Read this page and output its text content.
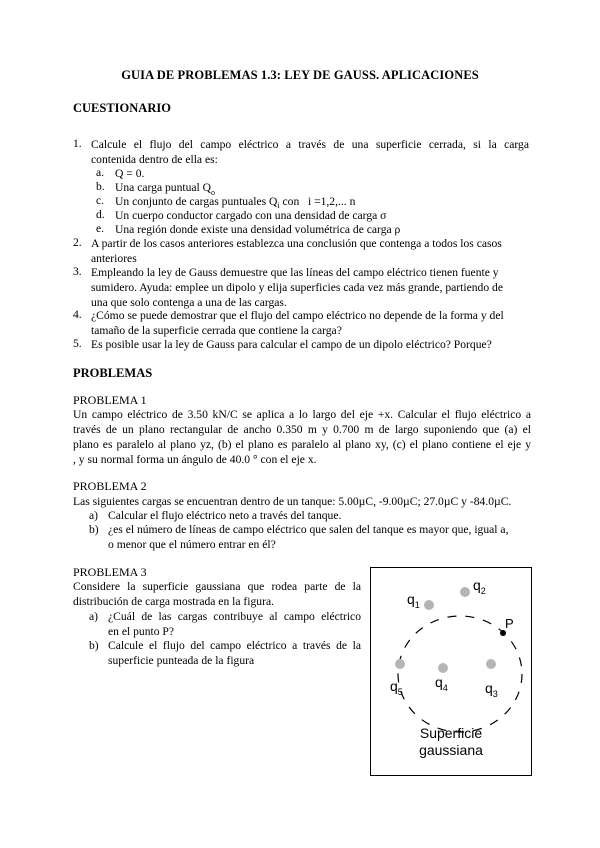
GUIA DE PROBLEMAS 1.3: LEY DE GAUSS. APLICACIONES
CUESTIONARIO
1. Calcule el flujo del campo eléctrico a través de una superficie cerrada, si la carga
contenida dentro de ella es:
a. Q = 0.
b. Una carga puntual $Q_o$
c. Un conjunto de cargas puntuales $Q_i$ con   i =1,2,... n
d. Un cuerpo conductor cargado con una densidad de carga σ
e. Una región donde existe una densidad volumétrica de carga ρ
2. A partir de los casos anteriores establezca una conclusión que contenga a todos los casos
anteriores
3. Empleando la ley de Gauss demuestre que las líneas del campo eléctrico tienen fuente y
sumidero. Ayuda: emplee un dipolo y elija superficies cada vez más grande, partiendo de
una que solo contenga a una de las cargas.
4. ¿Cómo se puede demostrar que el flujo del campo eléctrico no depende de la forma y del
tamaño de la superficie cerrada que contiene la carga?
5. Es posible usar la ley de Gauss para calcular el campo de un dipolo eléctrico? Porque?
PROBLEMAS
PROBLEMA 1
Un campo eléctrico de 3.50 kN/C se aplica a lo largo del eje +x. Calcular el flujo eléctrico a
través de un plano rectangular de ancho 0.350 m y 0.700 m de largo suponiendo que (a) el
plano es paralelo al plano yz, (b) el plano es paralelo al plano xy, (c) el plano contiene el eje y
, y su normal forma un ángulo de 40.0 ° con el eje x.
PROBLEMA 2
Las siguientes cargas se encuentran dentro de un tanque: 5.00µC, -9.00µC; 27.0µC y -84.0µC.
a) Calcular el flujo eléctrico neto a través del tanque.
b) ¿es el número de líneas de campo eléctrico que salen del tanque es mayor que, igual a,
o menor que el número entrar en él?
PROBLEMA 3
Considere la superficie gaussiana que rodea parte de la
distribución de carga mostrada en la figura.
a) ¿Cuál de las cargas contribuye al campo eléctrico
en el punto P?
b) Calcule el flujo del campo eléctrico a través de la
superficie punteada de la figura
$q_1$
$q_2$
$q_3$
$q_4$
$q_5$
P
Superficie
gaussiana
